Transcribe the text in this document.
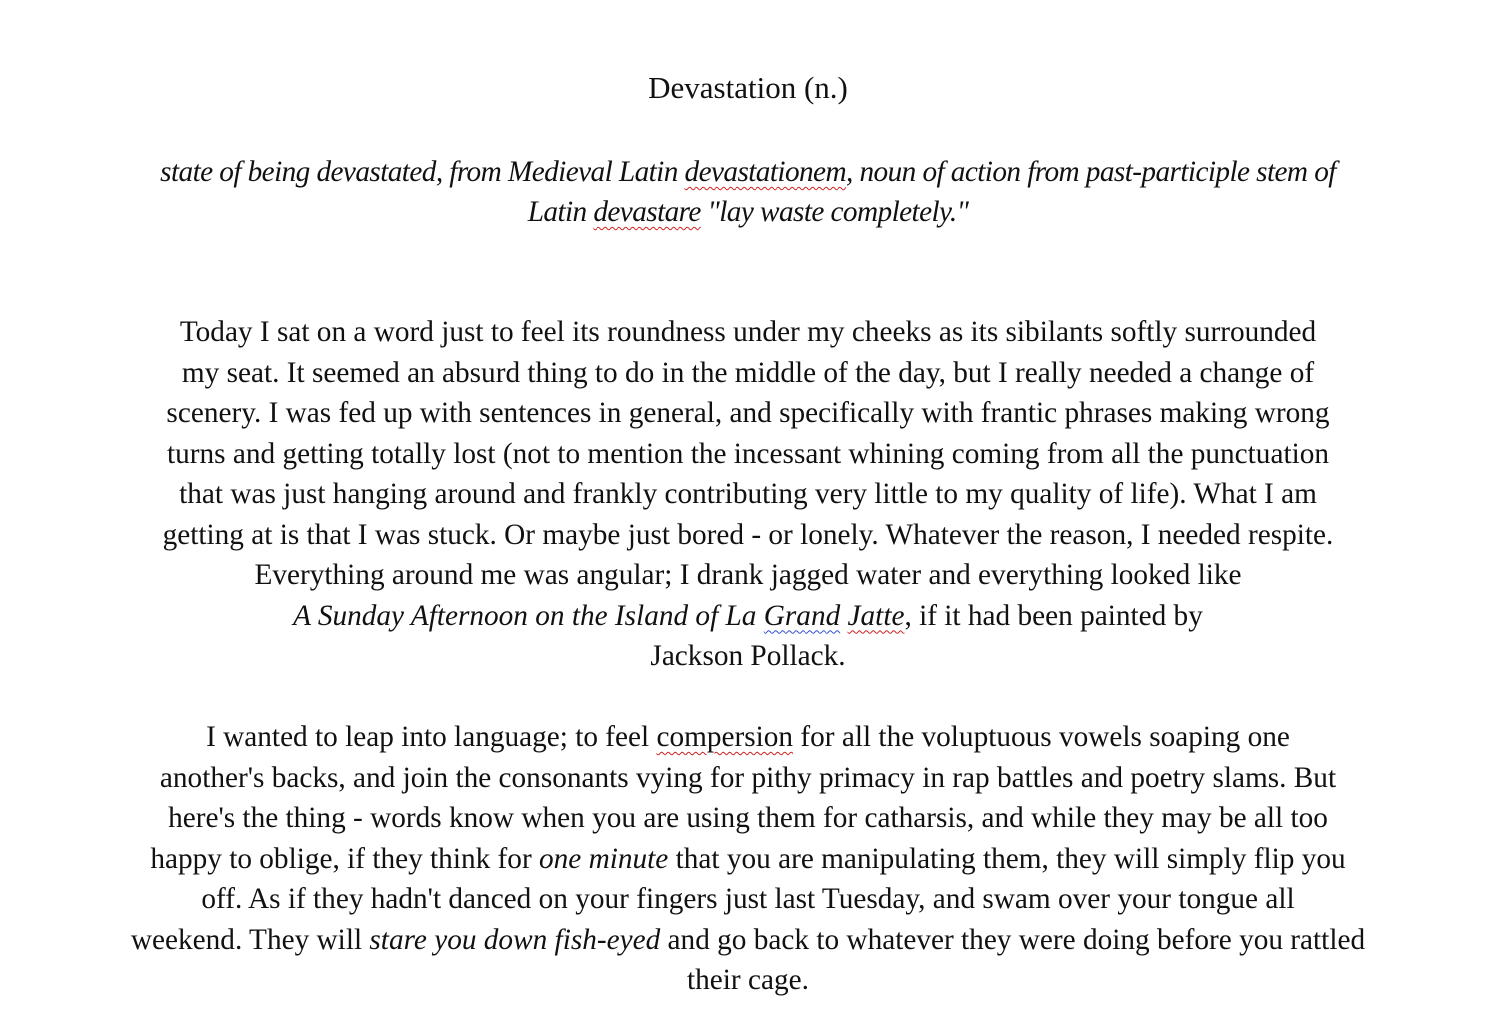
Devastation (n.)
state of being devastated, from Medieval Latin devastationem, noun of action from past-participle stem of
Latin devastare "lay waste completely."
Today I sat on a word just to feel its roundness under my cheeks as its sibilants softly surrounded
my seat. It seemed an absurd thing to do in the middle of the day, but I really needed a change of
scenery. I was fed up with sentences in general, and specifically with frantic phrases making wrong
turns and getting totally lost (not to mention the incessant whining coming from all the punctuation
that was just hanging around and frankly contributing very little to my quality of life). What I am
getting at is that I was stuck. Or maybe just bored - or lonely. Whatever the reason, I needed respite.
Everything around me was angular; I drank jagged water and everything looked like
A Sunday Afternoon on the Island of La Grand Jatte, if it had been painted by
Jackson Pollack.
I wanted to leap into language; to feel compersion for all the voluptuous vowels soaping one
another's backs, and join the consonants vying for pithy primacy in rap battles and poetry slams. But
here's the thing - words know when you are using them for catharsis, and while they may be all too
happy to oblige, if they think for one minute that you are manipulating them, they will simply flip you
off. As if they hadn't danced on your fingers just last Tuesday, and swam over your tongue all
weekend. They will stare you down fish-eyed and go back to whatever they were doing before you rattled
their cage.
